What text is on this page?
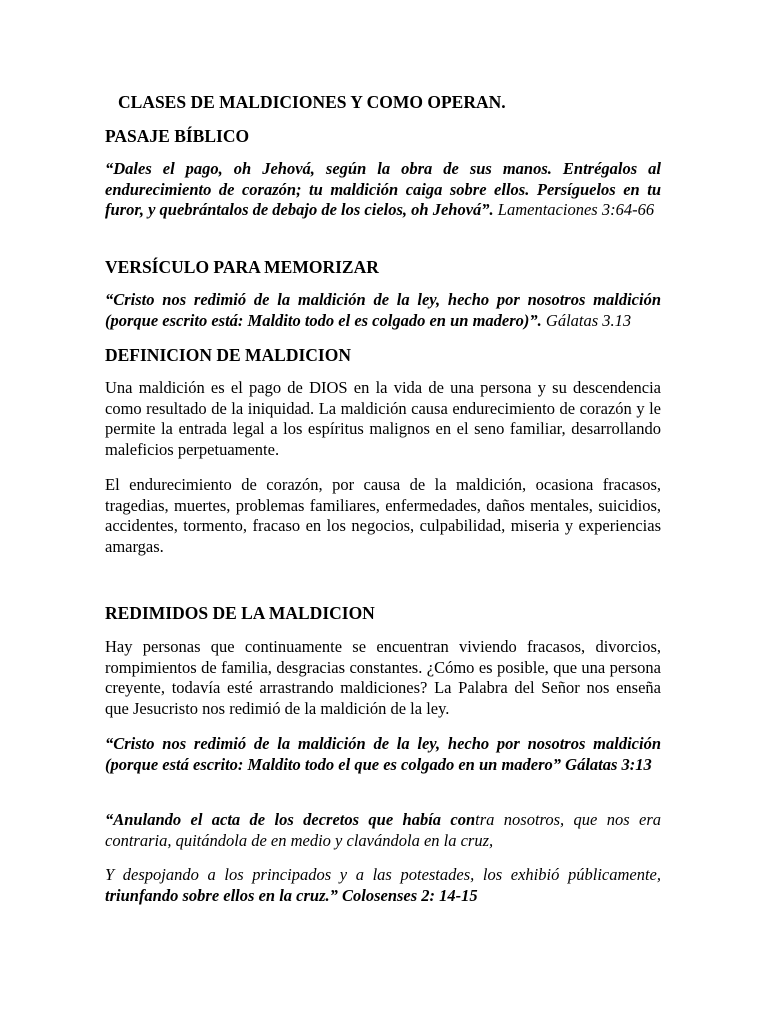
CLASES DE MALDICIONES Y COMO OPERAN.
PASAJE BÍBLICO

“Dales el pago, oh Jehová, según la obra de sus manos. Entrégalos al endurecimiento de corazón; tu maldición caiga sobre ellos. Persíguelos en tu furor, y quebrántalos de debajo de los cielos, oh Jehová”. Lamentaciones 3:64-66

VERSÍCULO PARA MEMORIZAR

“Cristo nos redimió de la maldición de la ley, hecho por nosotros maldición (porque escrito está: Maldito todo el es colgado en un madero)”. Gálatas 3.13

DEFINICION DE MALDICION

Una maldición es el pago de DIOS en la vida de una persona y su descendencia como resultado de la iniquidad. La maldición causa endurecimiento de corazón y le permite la entrada legal a los espíritus malignos en el seno familiar, desarrollando maleficios perpetuamente.

El endurecimiento de corazón, por causa de la maldición, ocasiona fracasos, tragedias, muertes, problemas familiares, enfermedades, daños mentales, suicidios, accidentes, tormento, fracaso en los negocios, culpabilidad, miseria y experiencias amargas.

REDIMIDOS DE LA MALDICION

Hay personas que continuamente se encuentran viviendo fracasos, divorcios, rompimientos de familia, desgracias constantes. ¿Cómo es posible, que una persona creyente, todavía esté arrastrando maldiciones? La Palabra del Señor nos enseña que Jesucristo nos redimió de la maldición de la ley.

“Cristo nos redimió de la maldición de la ley, hecho por nosotros maldición (porque está escrito: Maldito todo el que es colgado en un madero” Gálatas 3:13

“Anulando el acta de los decretos que había contra nosotros, que nos era contraria, quitándola de en medio y clavándola en la cruz,

Y despojando a los principados y a las potestades, los exhibió públicamente, triunfando sobre ellos en la cruz.” Colosenses 2: 14-15
